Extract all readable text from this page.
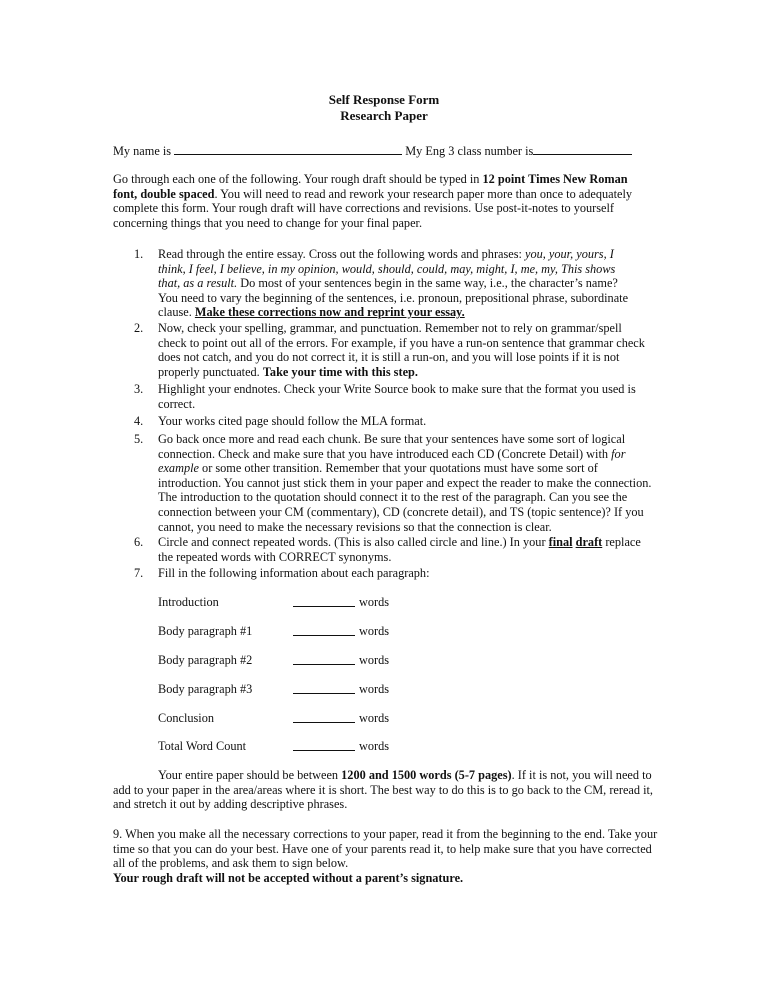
Self Response Form
Research Paper
My name is	My Eng 3 class number is
Go through each one of the following. Your rough draft should be typed in 12 point Times New Roman font, double spaced. You will need to read and rework your research paper more than once to adequately complete this form. Your rough draft will have corrections and revisions. Use post-it-notes to yourself concerning things that you need to change for your final paper.
1.	Read through the entire essay. Cross out the following words and phrases: you, your, yours, I think, I feel, I believe, in my opinion, would, should, could, may, might, I, me, my, This shows that, as a result. Do most of your sentences begin in the same way, i.e., the character’s name? You need to vary the beginning of the sentences, i.e. pronoun, prepositional phrase, subordinate clause. Make these corrections now and reprint your essay.
2.	Now, check your spelling, grammar, and punctuation. Remember not to rely on grammar/spell check to point out all of the errors. For example, if you have a run-on sentence that grammar check does not catch, and you do not correct it, it is still a run-on, and you will lose points if it is not properly punctuated. Take your time with this step.
3.	Highlight your endnotes. Check your Write Source book to make sure that the format you used is correct.
4.	Your works cited page should follow the MLA format.
5.	Go back once more and read each chunk. Be sure that your sentences have some sort of logical connection. Check and make sure that you have introduced each CD (Concrete Detail) with for example or some other transition. Remember that your quotations must have some sort of introduction. You cannot just stick them in your paper and expect the reader to make the connection. The introduction to the quotation should connect it to the rest of the paragraph. Can you see the connection between your CM (commentary), CD (concrete detail), and TS (topic sentence)? If you cannot, you need to make the necessary revisions so that the connection is clear.
6.	Circle and connect repeated words. (This is also called circle and line.) In your final draft replace the repeated words with CORRECT synonyms.
7.	Fill in the following information about each paragraph:
Introduction	words
Body paragraph #1	words
Body paragraph #2	words
Body paragraph #3	words
Conclusion	words
Total Word Count	words
Your entire paper should be between 1200 and 1500 words (5-7 pages). If it is not, you will need to add to your paper in the area/areas where it is short. The best way to do this is to go back to the CM, reread it, and stretch it out by adding descriptive phrases.
9. When you make all the necessary corrections to your paper, read it from the beginning to the end. Take your time so that you can do your best. Have one of your parents read it, to help make sure that you have corrected all of the problems, and ask them to sign below.
Your rough draft will not be accepted without a parent’s signature.
